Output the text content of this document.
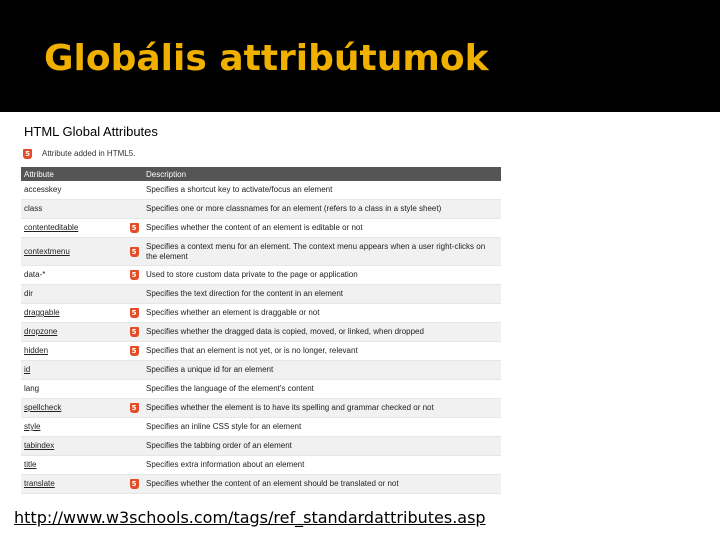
Globális attribútumok
HTML Global Attributes
5 Attribute added in HTML5.
Attribute		Description
accesskey		Specifies a shortcut key to activate/focus an element
class		Specifies one or more classnames for an element (refers to a class in a style sheet)
contenteditable	5	Specifies whether the content of an element is editable or not
contextmenu	5	Specifies a context menu for an element. The context menu appears when a user right-clicks on the element
data-*	5	Used to store custom data private to the page or application
dir		Specifies the text direction for the content in an element
draggable	5	Specifies whether an element is draggable or not
dropzone	5	Specifies whether the dragged data is copied, moved, or linked, when dropped
hidden	5	Specifies that an element is not yet, or is no longer, relevant
id		Specifies a unique id for an element
lang		Specifies the language of the element's content
spellcheck	5	Specifies whether the element is to have its spelling and grammar checked or not
style		Specifies an inline CSS style for an element
tabindex		Specifies the tabbing order of an element
title		Specifies extra information about an element
translate	5	Specifies whether the content of an element should be translated or not
http://www.w3schools.com/tags/ref_standardattributes.asp
